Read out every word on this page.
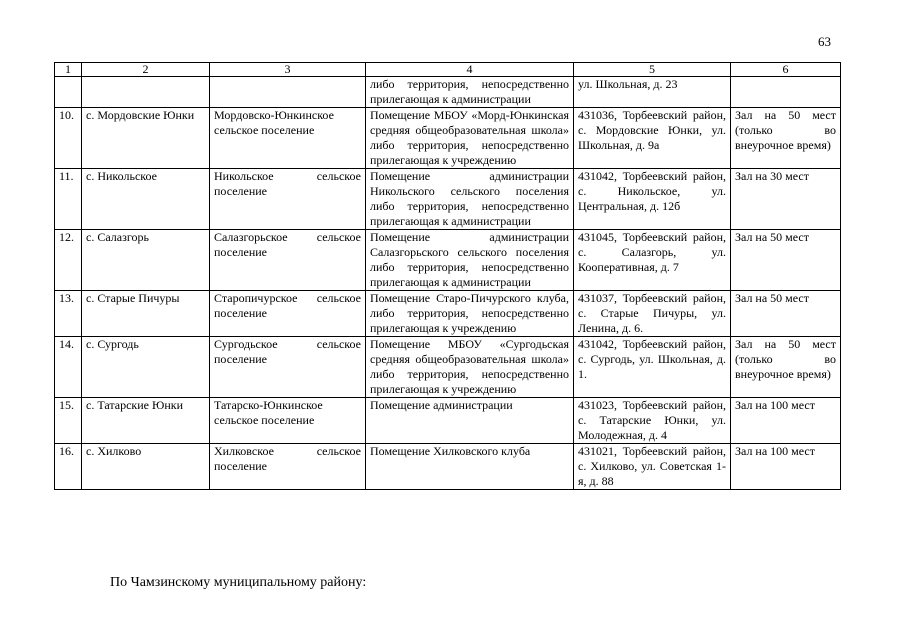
63
1	2	3	4	5	6
			либо территория, непосредственно прилегающая к администрации	ул. Школьная, д. 23	
10.	с. Мордовские Юнки	Мордовско-Юнкинское сельское поселение	Помещение МБОУ «Морд-Юнкинская средняя общеобразовательная школа» либо территория, непосредственно прилегающая к учреждению	431036, Торбеевский район, с. Мордовские Юнки, ул. Школьная, д. 9а	Зал на 50 мест (только во внеурочное время)
11.	с. Никольское	Никольское сельское поселение	Помещение администрации Никольского сельского поселения либо территория, непосредственно прилегающая к администрации	431042, Торбеевский район, с. Никольское, ул. Центральная, д. 12б	Зал на 30 мест
12.	с. Салазгорь	Салазгорьское сельское поселение	Помещение администрации Салазгорьского сельского поселения либо территория, непосредственно прилегающая к администрации	431045, Торбеевский район, с. Салазгорь, ул. Кооперативная, д. 7	Зал на 50 мест
13.	с. Старые Пичуры	Старопичурское сельское поселение	Помещение Старо-Пичурского клуба, либо территория, непосредственно прилегающая к учреждению	431037, Торбеевский район, с. Старые Пичуры, ул. Ленина, д. 6.	Зал на 50 мест
14.	с. Сургодь	Сургодьское сельское поселение	Помещение МБОУ «Сургодьская средняя общеобразовательная школа» либо территория, непосредственно прилегающая к учреждению	431042, Торбеевский район, с. Сургодь, ул. Школьная, д. 1.	Зал на 50 мест (только во внеурочное время)
15.	с. Татарские Юнки	Татарско-Юнкинское сельское поселение	Помещение администрации	431023, Торбеевский район, с. Татарские Юнки, ул. Молодежная, д. 4	Зал на 100 мест
16.	с. Хилково	Хилковское сельское поселение	Помещение Хилковского клуба	431021, Торбеевский район, с. Хилково, ул. Советская 1-я, д. 88	Зал на 100 мест
По Чамзинскому муниципальному району:
